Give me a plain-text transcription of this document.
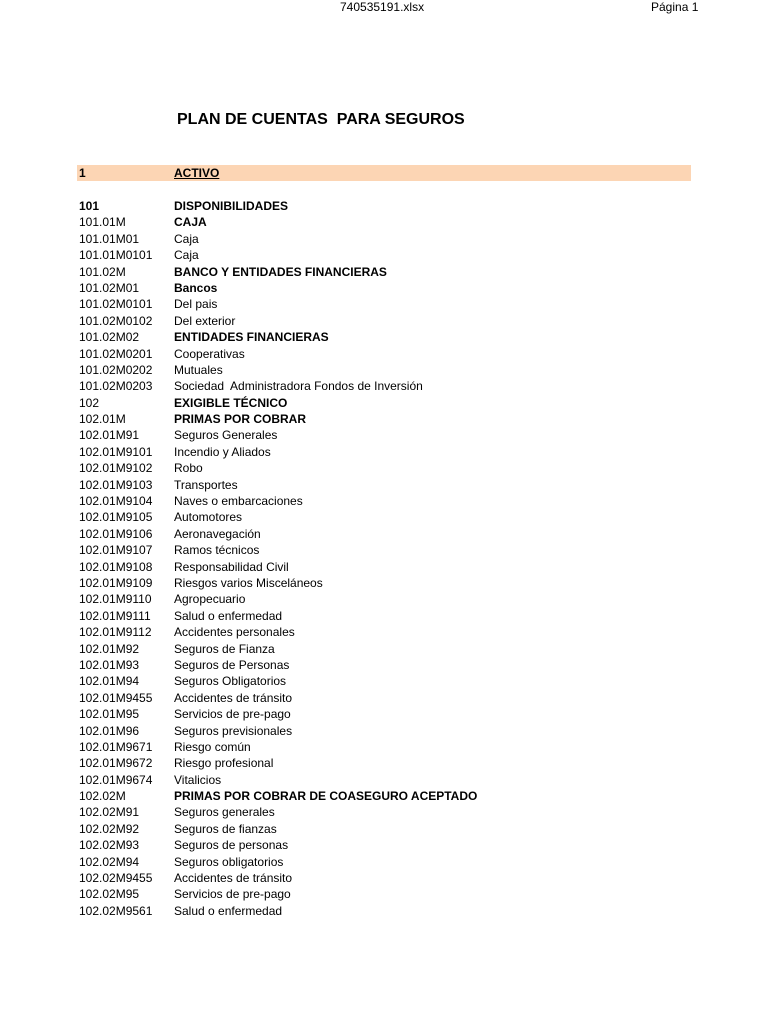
740535191.xlsx	Página 1
PLAN DE CUENTAS  PARA SEGUROS
1	ACTIVO
101	DISPONIBILIDADES
101.01M	CAJA
101.01M01	Caja
101.01M0101 Caja
101.02M	BANCO Y ENTIDADES FINANCIERAS
101.02M01	Bancos
101.02M0101 Del pais
101.02M0102 Del exterior
101.02M02	ENTIDADES FINANCIERAS
101.02M0201 Cooperativas
101.02M0202 Mutuales
101.02M0203 Sociedad  Administradora Fondos de Inversión
102	EXIGIBLE TÉCNICO
102.01M	PRIMAS POR COBRAR
102.01M91	Seguros Generales
102.01M9101 Incendio y Aliados
102.01M9102 Robo
102.01M9103 Transportes
102.01M9104 Naves o embarcaciones
102.01M9105 Automotores
102.01M9106 Aeronavegación
102.01M9107 Ramos técnicos
102.01M9108 Responsabilidad Civil
102.01M9109 Riesgos varios Misceláneos
102.01M9110 Agropecuario
102.01M9111 Salud o enfermedad
102.01M9112 Accidentes personales
102.01M92	Seguros de Fianza
102.01M93	Seguros de Personas
102.01M94	Seguros Obligatorios
102.01M9455 Accidentes de tránsito
102.01M95	Servicios de pre-pago
102.01M96	Seguros previsionales
102.01M9671 Riesgo común
102.01M9672 Riesgo profesional
102.01M9674 Vitalicios
102.02M	PRIMAS POR COBRAR DE COASEGURO ACEPTADO
102.02M91	Seguros generales
102.02M92	Seguros de fianzas
102.02M93	Seguros de personas
102.02M94	Seguros obligatorios
102.02M9455 Accidentes de tránsito
102.02M95	Servicios de pre-pago
102.02M9561 Salud o enfermedad
